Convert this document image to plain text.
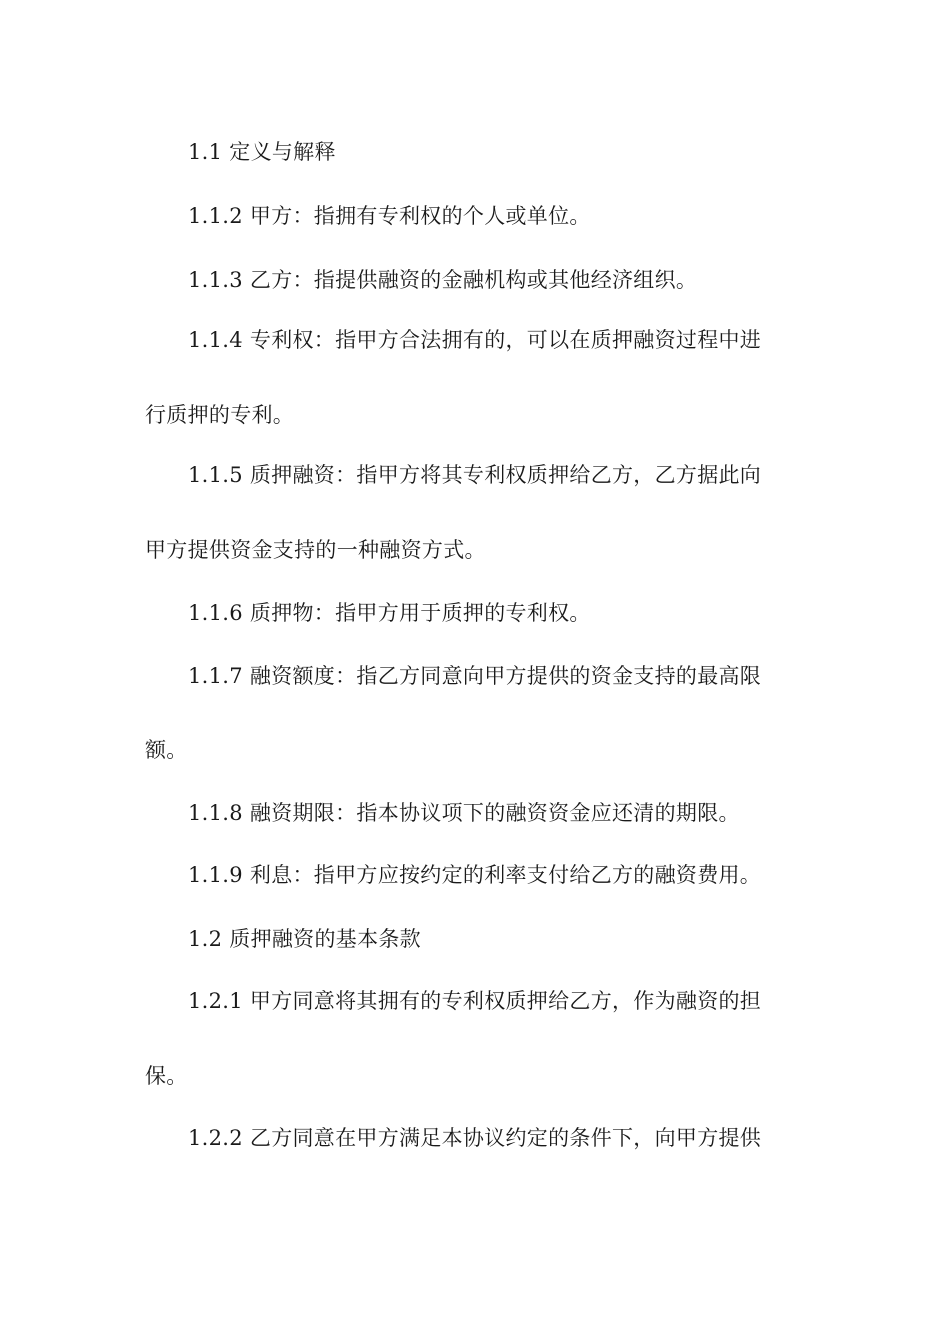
1.1 定义与解释
1.1.2 甲方：指拥有专利权的个人或单位。
1.1.3 乙方：指提供融资的金融机构或其他经济组织。
1.1.4 专利权：指甲方合法拥有的，可以在质押融资过程中进
行质押的专利。
1.1.5 质押融资：指甲方将其专利权质押给乙方，乙方据此向
甲方提供资金支持的一种融资方式。
1.1.6 质押物：指甲方用于质押的专利权。
1.1.7 融资额度：指乙方同意向甲方提供的资金支持的最高限
额。
1.1.8 融资期限：指本协议项下的融资资金应还清的期限。
1.1.9 利息：指甲方应按约定的利率支付给乙方的融资费用。
1.2 质押融资的基本条款
1.2.1 甲方同意将其拥有的专利权质押给乙方，作为融资的担
保。
1.2.2 乙方同意在甲方满足本协议约定的条件下，向甲方提供
